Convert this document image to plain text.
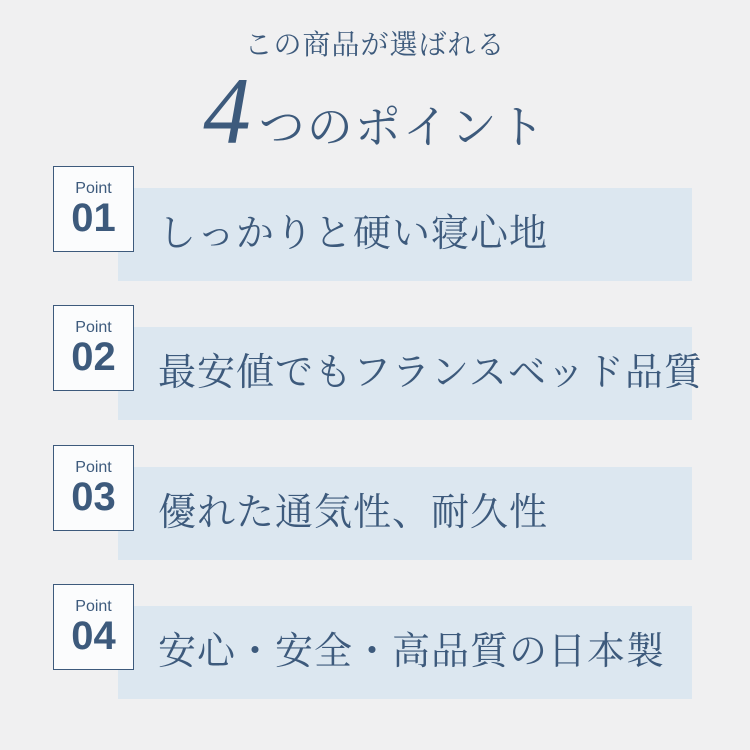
この商品が選ばれる
4 つのポイント
Point
01 しっかりと硬い寝心地
Point
02 最安値でもフランスベッド品質
Point
03 優れた通気性、耐久性
Point
04 安心・安全・高品質の日本製
